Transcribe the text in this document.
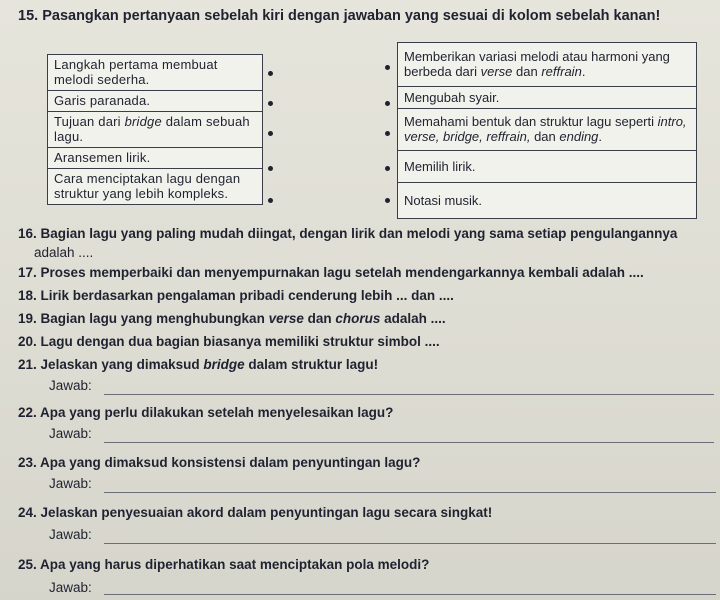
15. Pasangkan pertanyaan sebelah kiri dengan jawaban yang sesuai di kolom sebelah kanan!
Langkah pertama membuat melodi sederha.
Garis paranada.
Tujuan dari bridge dalam sebuah lagu.
Aransemen lirik.
Cara menciptakan lagu dengan struktur yang lebih kompleks.
Memberikan variasi melodi atau harmoni yang berbeda dari verse dan reffrain.
Mengubah syair.
Memahami bentuk dan struktur lagu seperti intro, verse, bridge, reffrain, dan ending.
Memilih lirik.
Notasi musik.
16. Bagian lagu yang paling mudah diingat, dengan lirik dan melodi yang sama setiap pengulangannya
adalah ....
17. Proses memperbaiki dan menyempurnakan lagu setelah mendengarkannya kembali adalah ....
18. Lirik berdasarkan pengalaman pribadi cenderung lebih ... dan ....
19. Bagian lagu yang menghubungkan verse dan chorus adalah ....
20. Lagu dengan dua bagian biasanya memiliki struktur simbol ....
21. Jelaskan yang dimaksud bridge dalam struktur lagu!
Jawab:
22. Apa yang perlu dilakukan setelah menyelesaikan lagu?
Jawab:
23. Apa yang dimaksud konsistensi dalam penyuntingan lagu?
Jawab:
24. Jelaskan penyesuaian akord dalam penyuntingan lagu secara singkat!
Jawab:
25. Apa yang harus diperhatikan saat menciptakan pola melodi?
Jawab:
